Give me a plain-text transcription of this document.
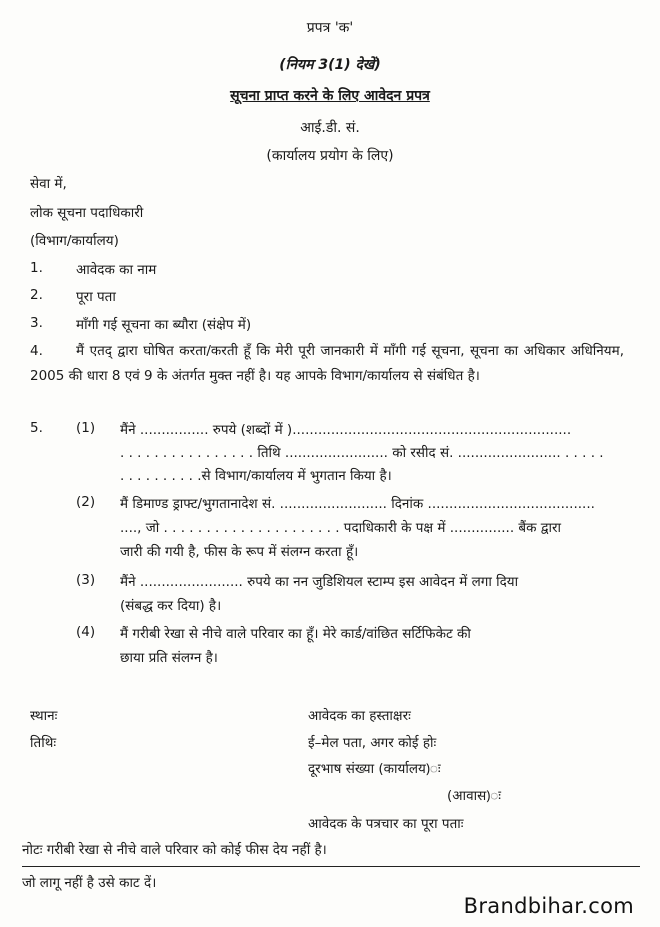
प्रपत्र 'क'
(नियम 3(1) देखें)
सूचना प्राप्त करने के लिए आवेदन प्रपत्र
आई.डी. सं.
(कार्यालय प्रयोग के लिए)
सेवा में,
लोक सूचना पदाधिकारी
(विभाग/कार्यालय)
1. आवेदक का नाम
2. पूरा पता
3. माँगी गई सूचना का ब्यौरा (संक्षेप में)
4.	मैं एतद् द्वारा घोषित करता/करती हूँ कि मेरी पूरी जानकारी में माँगी गई सूचना, सूचना का अधिकार अधिनियम, 2005 की धारा 8 एवं 9 के अंतर्गत मुक्त नहीं है। यह आपके विभाग/कार्यालय से संबंधित है।
5. (1) मैंने ................ रुपये (शब्दों में ).................................................................
. . . . . . . . . . . . . . . . तिथि ........................ को रसीद सं. ........................ . . . . .
. . . . . . . . . .से विभाग/कार्यालय में भुगतान किया है।
(2) मैं डिमाण्ड ड्राफ्ट/भुगतानादेश सं. ......................... दिनांक .......................................
...., जो . . . . . . . . . . . . . . . . . . . . . पदाधिकारी के पक्ष में ............... बैंक द्वारा
जारी की गयी है, फीस के रूप में संलग्न करता हूँ।
(3) मैंने ........................ रुपये का नन जुडिशियल स्टाम्प इस आवेदन में लगा दिया
(संबद्ध कर दिया) है।
(4) मैं गरीबी रेखा से नीचे वाले परिवार का हूँ। मेरे कार्ड/वांछित सर्टिफिकेट की
छाया प्रति संलग्न है।
स्थानः
तिथिः
आवेदक का हस्ताक्षरः
ई–मेल पता, अगर कोई होः
दूरभाष संख्या (कार्यालय)ः
(आवास)ः
आवेदक के पत्रचार का पूरा पताः
नोटः गरीबी रेखा से नीचे वाले परिवार को कोई फीस देय नहीं है।
जो लागू नहीं है उसे काट दें।
Brandbihar.com
